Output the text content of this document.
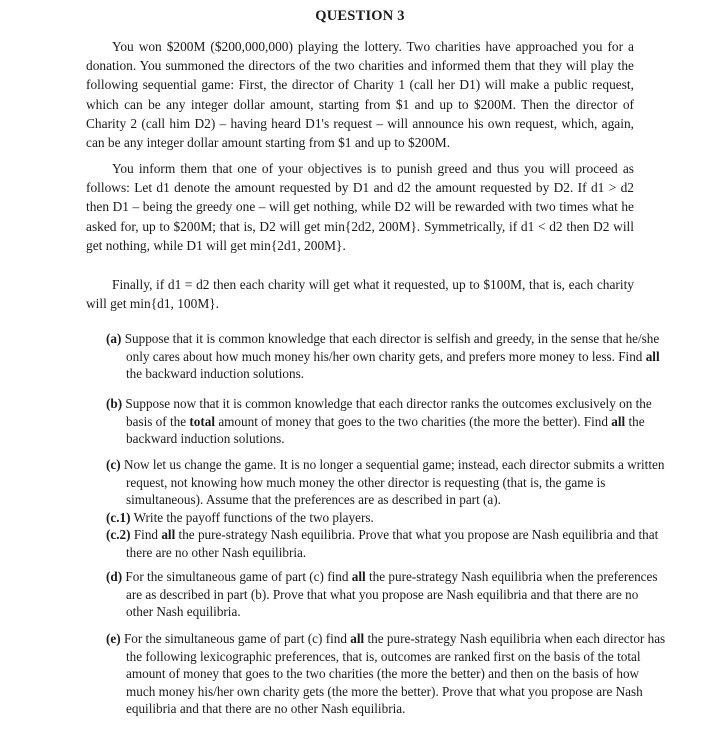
QUESTION 3

You won $200M ($200,000,000) playing the lottery. Two charities have approached you for a donation. You summoned the directors of the two charities and informed them that they will play the following sequential game: First, the director of Charity 1 (call her D1) will make a public request, which can be any integer dollar amount, starting from $1 and up to $200M. Then the director of Charity 2 (call him D2) – having heard D1's request – will announce his own request, which, again, can be any integer dollar amount starting from $1 and up to $200M.

You inform them that one of your objectives is to punish greed and thus you will proceed as follows: Let d1 denote the amount requested by D1 and d2 the amount requested by D2. If d1 > d2 then D1 – being the greedy one – will get nothing, while D2 will be rewarded with two times what he asked for, up to $200M; that is, D2 will get min{2d2, 200M}. Symmetrically, if d1 < d2 then D2 will get nothing, while D1 will get min{2d1, 200M}.

Finally, if d1 = d2 then each charity will get what it requested, up to $100M, that is, each charity will get min{d1, 100M}.

(a) Suppose that it is common knowledge that each director is selfish and greedy, in the sense that he/she only cares about how much money his/her own charity gets, and prefers more money to less. Find all the backward induction solutions.

(b) Suppose now that it is common knowledge that each director ranks the outcomes exclusively on the basis of the total amount of money that goes to the two charities (the more the better). Find all the backward induction solutions.

(c) Now let us change the game. It is no longer a sequential game; instead, each director submits a written request, not knowing how much money the other director is requesting (that is, the game is simultaneous). Assume that the preferences are as described in part (a).
(c.1) Write the payoff functions of the two players.
(c.2) Find all the pure-strategy Nash equilibria. Prove that what you propose are Nash equilibria and that there are no other Nash equilibria.

(d) For the simultaneous game of part (c) find all the pure-strategy Nash equilibria when the preferences are as described in part (b). Prove that what you propose are Nash equilibria and that there are no other Nash equilibria.

(e) For the simultaneous game of part (c) find all the pure-strategy Nash equilibria when each director has the following lexicographic preferences, that is, outcomes are ranked first on the basis of the total amount of money that goes to the two charities (the more the better) and then on the basis of how much money his/her own charity gets (the more the better). Prove that what you propose are Nash equilibria and that there are no other Nash equilibria.
